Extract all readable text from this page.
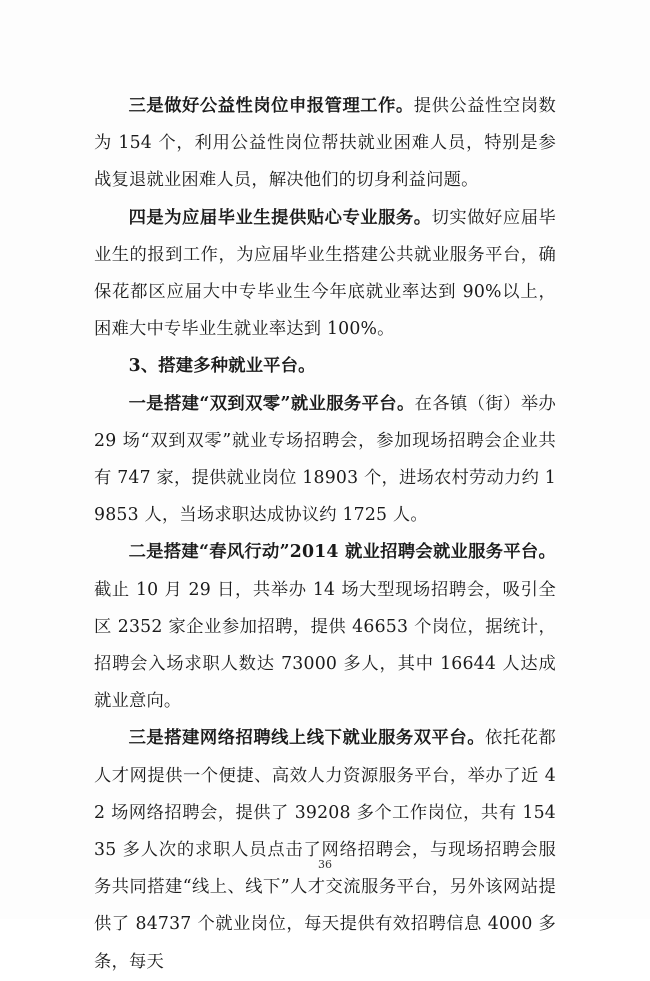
三是做好公益性岗位申报管理工作。提供公益性空岗数为 154 个，利用公益性岗位帮扶就业困难人员，特别是参战复退就业困难人员，解决他们的切身利益问题。

四是为应届毕业生提供贴心专业服务。切实做好应届毕业生的报到工作，为应届毕业生搭建公共就业服务平台，确保花都区应届大中专毕业生今年底就业率达到 90%以上，困难大中专毕业生就业率达到 100%。

3、搭建多种就业平台。

一是搭建“双到双零”就业服务平台。在各镇（街）举办 29 场“双到双零”就业专场招聘会，参加现场招聘会企业共有 747 家，提供就业岗位 18903 个，进场农村劳动力约 19853 人，当场求职达成协议约 1725 人。

二是搭建“春风行动”2014 就业招聘会就业服务平台。截止 10 月 29 日，共举办 14 场大型现场招聘会，吸引全区 2352 家企业参加招聘，提供 46653 个岗位，据统计，招聘会入场求职人数达 73000 多人，其中 16644 人达成就业意向。

三是搭建网络招聘线上线下就业服务双平台。依托花都人才网提供一个便捷、高效人力资源服务平台，举办了近 42 场网络招聘会，提供了 39208 多个工作岗位，共有 15435 多人次的求职人员点击了网络招聘会，与现场招聘会服务共同搭建“线上、线下”人才交流服务平台，另外该网站提供了 84737 个就业岗位，每天提供有效招聘信息 4000 多条，每天

36
